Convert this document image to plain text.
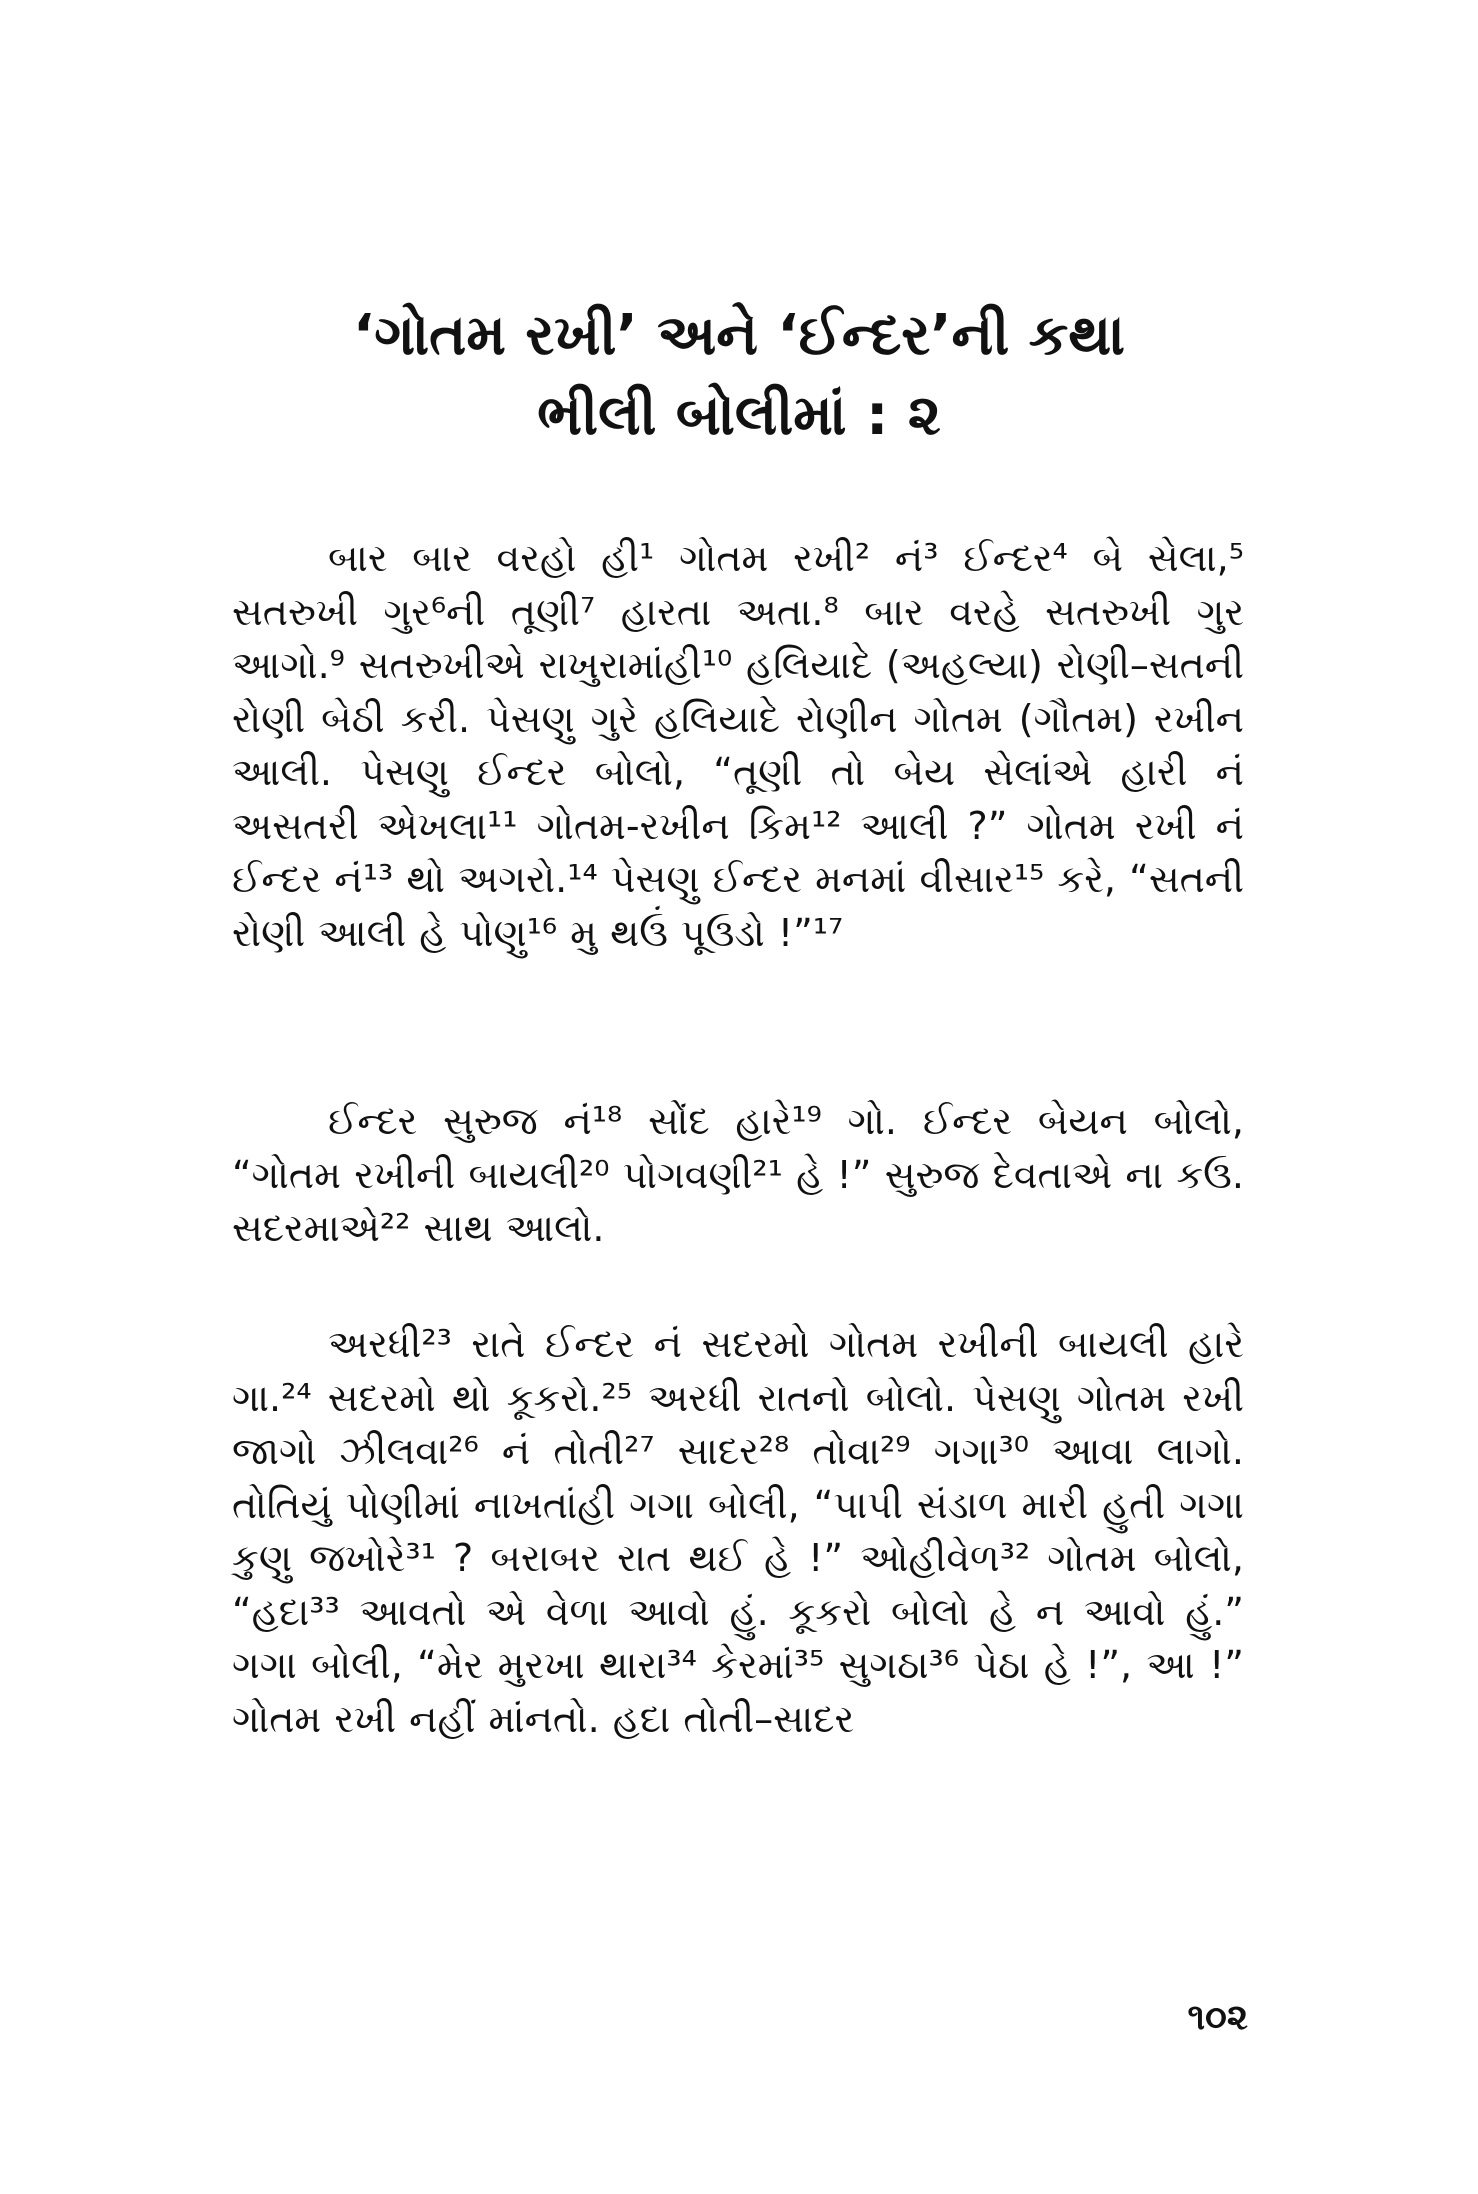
‘ગોતમ રખી’ અને ‘ઈન્દર’ની કથા
ભીલી બોલીમાં : ૨

બાર બાર વરહો હી¹ ગોતમ રખી² નં³ ઈન્દર⁴ બે સેલા,⁵ સતરુખી ગુર⁶ની તૂણી⁷ હારતા અતા.⁸ બાર વરહે સતરુખી ગુર આગો.⁹ સતરુખીએ રાખુરામાંહી¹⁰ હલિયાદે (અહલ્યા) રોણી–સતની રોણી બેઠી કરી. પેસણુ ગુરે હલિયાદે રોણીન ગોતમ (ગૌતમ) રખીન આલી. પેસણુ ઈન્દર બોલો, “તૂણી તો બેય સેલાંએ હારી નં અસતરી એખલા¹¹ ગોતમ-રખીન કિમ¹² આલી ?” ગોતમ રખી નં ઈન્દર નં¹³ થો અગરો.¹⁴ પેસણુ ઈન્દર મનમાં વીસાર¹⁵ કરે, “સતની રોણી આલી હે પોણુ¹⁶ મુ થઉં પૂઉડો !”¹⁷

ઈન્દર સુરુજ નં¹⁸ સોંદ હારે¹⁹ ગો. ઈન્દર બેયન બોલો, “ગોતમ રખીની બાયલી²⁰ પોગવણી²¹ હે !” સુરુજ દેવતાએ ના કઉ. સદરમાએ²² સાથ આલો.

અરધી²³ રાતે ઈન્દર નં સદરમો ગોતમ રખીની બાયલી હારે ગા.²⁴ સદરમો થો કૂકરો.²⁵ અરધી રાતનો બોલો. પેસણુ ગોતમ રખી જાગો ઝીલવા²⁶ નં તોતી²⁷ સાદર²⁸ તોવા²⁹ ગગા³⁰ આવા લાગો. તોતિયું પોણીમાં નાખતાંહી ગગા બોલી, “પાપી સંડાળ મારી હુતી ગગા કુણુ જખોરે³¹ ? બરાબર રાત થઈ હે !” ઓહીવેળ³² ગોતમ બોલો, “હદા³³ આવતો એ વેળા આવો હું. કૂકરો બોલો હે ન આવો હું.” ગગા બોલી, “મેર મુરખા થારા³⁴ કેરમાં³⁵ સુગઠા³⁶ પેઠા હે !”, આ !” ગોતમ રખી નહીં માંનતો. હદા તોતી–સાદર

૧૦૨
